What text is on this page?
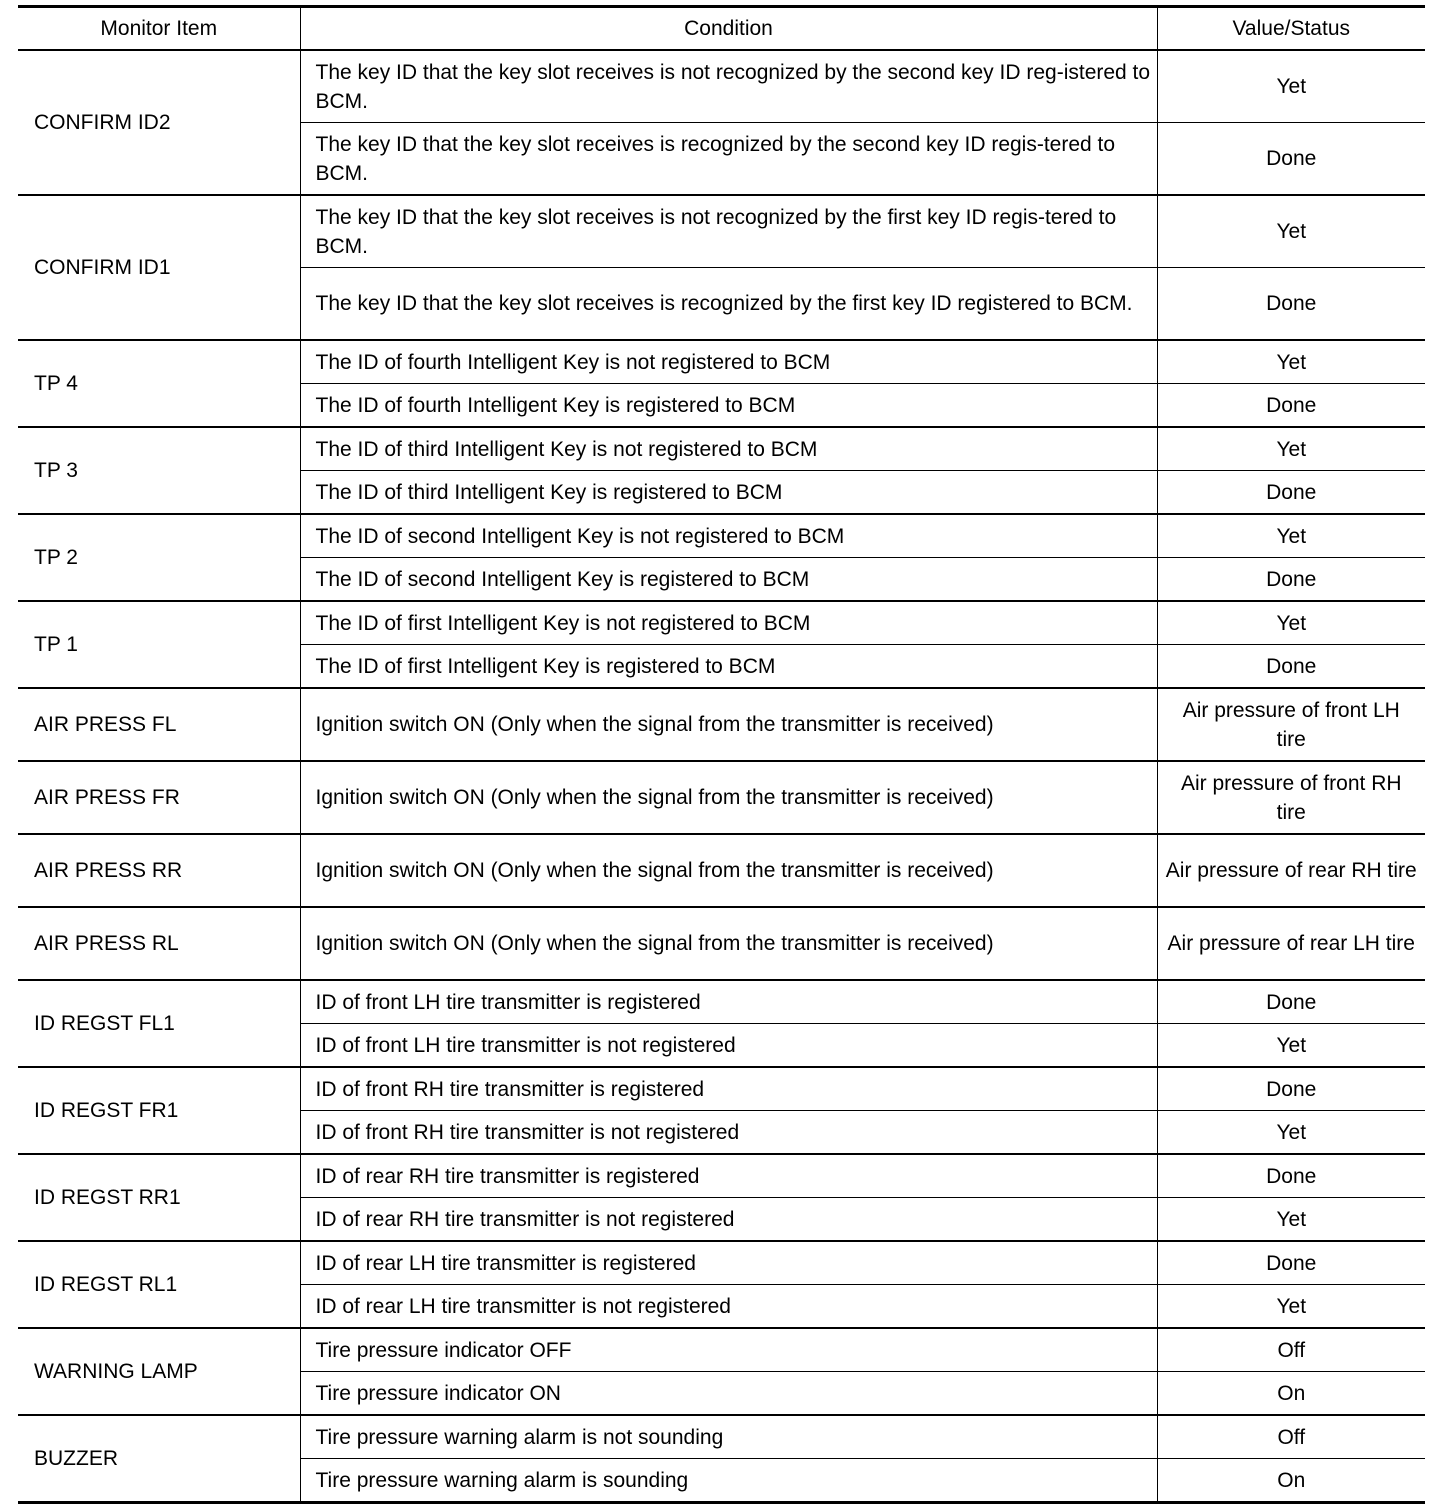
Monitor Item	Condition	Value/Status
CONFIRM ID2	The key ID that the key slot receives is not recognized by the second key ID reg-istered to BCM.	Yet
	The key ID that the key slot receives is recognized by the second key ID regis-tered to BCM.	Done
CONFIRM ID1	The key ID that the key slot receives is not recognized by the first key ID regis-tered to BCM.	Yet
	The key ID that the key slot receives is recognized by the first key ID registered to BCM.	Done
TP 4	The ID of fourth Intelligent Key is not registered to BCM	Yet
	The ID of fourth Intelligent Key is registered to BCM	Done
TP 3	The ID of third Intelligent Key is not registered to BCM	Yet
	The ID of third Intelligent Key is registered to BCM	Done
TP 2	The ID of second Intelligent Key is not registered to BCM	Yet
	The ID of second Intelligent Key is registered to BCM	Done
TP 1	The ID of first Intelligent Key is not registered to BCM	Yet
	The ID of first Intelligent Key is registered to BCM	Done
AIR PRESS FL	Ignition switch ON (Only when the signal from the transmitter is received)	Air pressure of front LH tire
AIR PRESS FR	Ignition switch ON (Only when the signal from the transmitter is received)	Air pressure of front RH tire
AIR PRESS RR	Ignition switch ON (Only when the signal from the transmitter is received)	Air pressure of rear RH tire
AIR PRESS RL	Ignition switch ON (Only when the signal from the transmitter is received)	Air pressure of rear LH tire
ID REGST FL1	ID of front LH tire transmitter is registered	Done
	ID of front LH tire transmitter is not registered	Yet
ID REGST FR1	ID of front RH tire transmitter is registered	Done
	ID of front RH tire transmitter is not registered	Yet
ID REGST RR1	ID of rear RH tire transmitter is registered	Done
	ID of rear RH tire transmitter is not registered	Yet
ID REGST RL1	ID of rear LH tire transmitter is registered	Done
	ID of rear LH tire transmitter is not registered	Yet
WARNING LAMP	Tire pressure indicator OFF	Off
	Tire pressure indicator ON	On
BUZZER	Tire pressure warning alarm is not sounding	Off
	Tire pressure warning alarm is sounding	On
